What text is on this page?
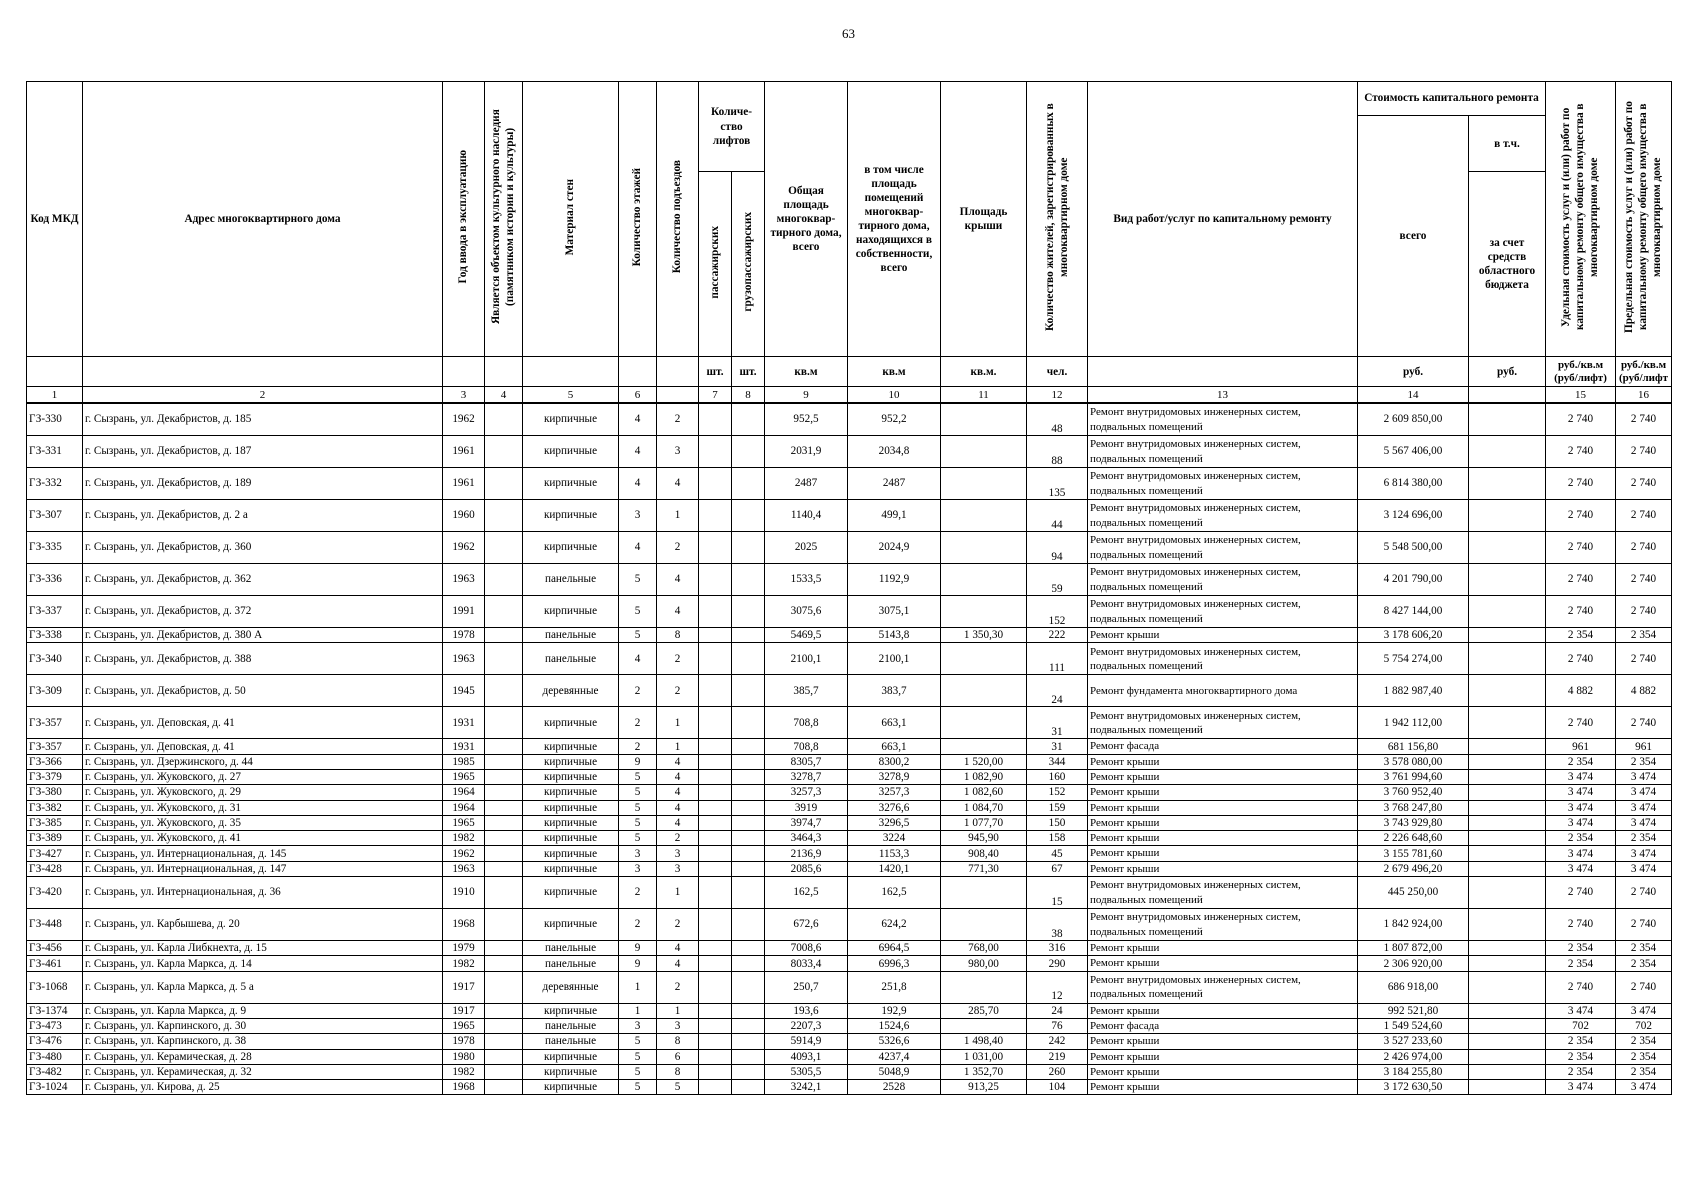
63
Код МКД	Адрес многоквартирного дома	Год ввода в эксплуатацию	Является объектом культурного наследия (памятником истории и культуры)	Материал стен	Количество этажей	Количество подъездов	Количе-ство лифтов		Общая площадь многоквар-тирного дома, всего	в том числе площадь помещений многоквар-тирного дома, находящихся в собственности, всего	Площадь крыши	Количество жителей, зарегистрированных в многоквартирном доме	Вид работ/услуг по капитальному ремонту	Стоимость капитального ремонта		Удельная стоимость услуг и (или) работ по капитальному ремонту общего имущества в многоквартирном доме	Предельная стоимость услуг и (или) работ по капитальному ремонту общего имущества в многоквартирном доме
														всего	в т.ч.		
							пассажирских	грузопассажирских							за счет средств областного бюджета		
							шт.	шт.	кв.м	кв.м	кв.м.	чел.		руб.	руб.	руб./кв.м (руб/лифт)	руб./кв.м (руб/лифт
1	2	3	4	5	6		7	8	9	10	11	12	13	14		15	16
ГЗ-330	г. Сызрань, ул. Декабристов, д. 185	1962		кирпичные	4	2			952,5	952,2		48	Ремонт внутридомовых инженерных систем, подвальных помещений	2 609 850,00		2 740	2 740
ГЗ-331	г. Сызрань, ул. Декабристов, д. 187	1961		кирпичные	4	3			2031,9	2034,8		88	Ремонт внутридомовых инженерных систем, подвальных помещений	5 567 406,00		2 740	2 740
ГЗ-332	г. Сызрань, ул. Декабристов, д. 189	1961		кирпичные	4	4			2487	2487		135	Ремонт внутридомовых инженерных систем, подвальных помещений	6 814 380,00		2 740	2 740
ГЗ-307	г. Сызрань, ул. Декабристов, д. 2 а	1960		кирпичные	3	1			1140,4	499,1		44	Ремонт внутридомовых инженерных систем, подвальных помещений	3 124 696,00		2 740	2 740
ГЗ-335	г. Сызрань, ул. Декабристов, д. 360	1962		кирпичные	4	2			2025	2024,9		94	Ремонт внутридомовых инженерных систем, подвальных помещений	5 548 500,00		2 740	2 740
ГЗ-336	г. Сызрань, ул. Декабристов, д. 362	1963		панельные	5	4			1533,5	1192,9		59	Ремонт внутридомовых инженерных систем, подвальных помещений	4 201 790,00		2 740	2 740
ГЗ-337	г. Сызрань, ул. Декабристов, д. 372	1991		кирпичные	5	4			3075,6	3075,1		152	Ремонт внутридомовых инженерных систем, подвальных помещений	8 427 144,00		2 740	2 740
ГЗ-338	г. Сызрань, ул. Декабристов, д. 380 А	1978		панельные	5	8			5469,5	5143,8	1 350,30	222	Ремонт крыши	3 178 606,20		2 354	2 354
ГЗ-340	г. Сызрань, ул. Декабристов, д. 388	1963		панельные	4	2			2100,1	2100,1		111	Ремонт внутридомовых инженерных систем, подвальных помещений	5 754 274,00		2 740	2 740
ГЗ-309	г. Сызрань, ул. Декабристов, д. 50	1945		деревянные	2	2			385,7	383,7		24	Ремонт фундамента многоквартирного дома	1 882 987,40		4 882	4 882
ГЗ-357	г. Сызрань, ул. Деповская, д. 41	1931		кирпичные	2	1			708,8	663,1		31	Ремонт внутридомовых инженерных систем, подвальных помещений	1 942 112,00		2 740	2 740
ГЗ-357	г. Сызрань, ул. Деповская, д. 41	1931		кирпичные	2	1			708,8	663,1		31	Ремонт фасада	681 156,80		961	961
ГЗ-366	г. Сызрань, ул. Дзержинского, д. 44	1985		кирпичные	9	4			8305,7	8300,2	1 520,00	344	Ремонт крыши	3 578 080,00		2 354	2 354
ГЗ-379	г. Сызрань, ул. Жуковского, д. 27	1965		кирпичные	5	4			3278,7	3278,9	1 082,90	160	Ремонт крыши	3 761 994,60		3 474	3 474
ГЗ-380	г. Сызрань, ул. Жуковского, д. 29	1964		кирпичные	5	4			3257,3	3257,3	1 082,60	152	Ремонт крыши	3 760 952,40		3 474	3 474
ГЗ-382	г. Сызрань, ул. Жуковского, д. 31	1964		кирпичные	5	4			3919	3276,6	1 084,70	159	Ремонт крыши	3 768 247,80		3 474	3 474
ГЗ-385	г. Сызрань, ул. Жуковского, д. 35	1965		кирпичные	5	4			3974,7	3296,5	1 077,70	150	Ремонт крыши	3 743 929,80		3 474	3 474
ГЗ-389	г. Сызрань, ул. Жуковского, д. 41	1982		кирпичные	5	2			3464,3	3224	945,90	158	Ремонт крыши	2 226 648,60		2 354	2 354
ГЗ-427	г. Сызрань, ул. Интернациональная, д. 145	1962		кирпичные	3	3			2136,9	1153,3	908,40	45	Ремонт крыши	3 155 781,60		3 474	3 474
ГЗ-428	г. Сызрань, ул. Интернациональная, д. 147	1963		кирпичные	3	3			2085,6	1420,1	771,30	67	Ремонт крыши	2 679 496,20		3 474	3 474
ГЗ-420	г. Сызрань, ул. Интернациональная, д. 36	1910		кирпичные	2	1			162,5	162,5		15	Ремонт внутридомовых инженерных систем, подвальных помещений	445 250,00		2 740	2 740
ГЗ-448	г. Сызрань, ул. Карбышева, д. 20	1968		кирпичные	2	2			672,6	624,2		38	Ремонт внутридомовых инженерных систем, подвальных помещений	1 842 924,00		2 740	2 740
ГЗ-456	г. Сызрань, ул. Карла Либкнехта, д. 15	1979		панельные	9	4			7008,6	6964,5	768,00	316	Ремонт крыши	1 807 872,00		2 354	2 354
ГЗ-461	г. Сызрань, ул. Карла Маркса, д. 14	1982		панельные	9	4			8033,4	6996,3	980,00	290	Ремонт крыши	2 306 920,00		2 354	2 354
ГЗ-1068	г. Сызрань, ул. Карла Маркса, д. 5 а	1917		деревянные	1	2			250,7	251,8		12	Ремонт внутридомовых инженерных систем, подвальных помещений	686 918,00		2 740	2 740
ГЗ-1374	г. Сызрань, ул. Карла Маркса, д. 9	1917		кирпичные	1	1			193,6	192,9	285,70	24	Ремонт крыши	992 521,80		3 474	3 474
ГЗ-473	г. Сызрань, ул. Карпинского, д. 30	1965		панельные	3	3			2207,3	1524,6		76	Ремонт фасада	1 549 524,60		702	702
ГЗ-476	г. Сызрань, ул. Карпинского, д. 38	1978		панельные	5	8			5914,9	5326,6	1 498,40	242	Ремонт крыши	3 527 233,60		2 354	2 354
ГЗ-480	г. Сызрань, ул. Керамическая, д. 28	1980		кирпичные	5	6			4093,1	4237,4	1 031,00	219	Ремонт крыши	2 426 974,00		2 354	2 354
ГЗ-482	г. Сызрань, ул. Керамическая, д. 32	1982		кирпичные	5	8			5305,5	5048,9	1 352,70	260	Ремонт крыши	3 184 255,80		2 354	2 354
ГЗ-1024	г. Сызрань, ул. Кирова, д. 25	1968		кирпичные	5	5			3242,1	2528	913,25	104	Ремонт крыши	3 172 630,50		3 474	3 474
